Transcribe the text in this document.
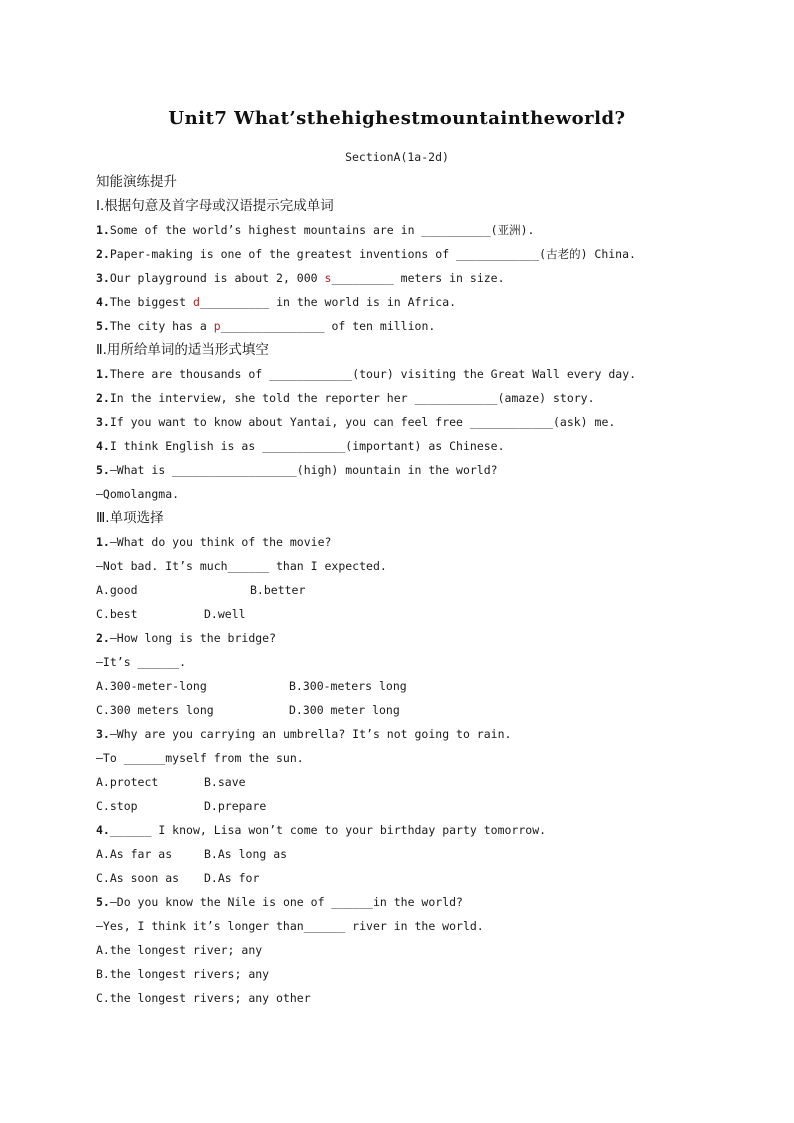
Unit7 What’sthehighestmountaintheworld?
SectionA(1a-2d)
知能演练提升
Ⅰ.根据句意及首字母或汉语提示完成单词
1.Some of the world’s highest mountains are in __________(亚洲).
2.Paper-making is one of the greatest inventions of ____________(古老的) China.
3.Our playground is about 2, 000 s_________ meters in size.
4.The biggest d__________ in the world is in Africa.
5.The city has a p_______________ of ten million.
Ⅱ.用所给单词的适当形式填空
1.There are thousands of ____________(tour) visiting the Great Wall every day.
2.In the interview, she told the reporter her ____________(amaze) story.
3.If you want to know about Yantai, you can feel free ____________(ask) me.
4.I think English is as ____________(important) as Chinese.
5.—What is __________________(high) mountain in the world?
—Qomolangma.
Ⅲ.单项选择
1.—What do you think of the movie?
—Not bad. It’s much______ than I expected.
A.good	B.better
C.best	D.well
2.—How long is the bridge?
—It’s ______.
A.300-meter-long	B.300-meters long
C.300 meters long	D.300 meter long
3.—Why are you carrying an umbrella? It’s not going to rain.
—To ______myself from the sun.
A.protect	B.save
C.stop	D.prepare
4.______ I know, Lisa won’t come to your birthday party tomorrow.
A.As far as	B.As long as
C.As soon as D.As for
5.—Do you know the Nile is one of ______in the world?
—Yes, I think it’s longer than______ river in the world.
A.the longest river; any
B.the longest rivers; any
C.the longest rivers; any other
